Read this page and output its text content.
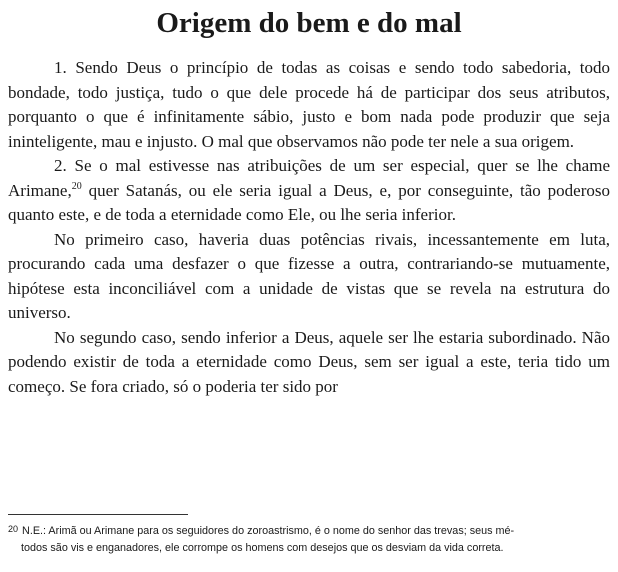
Origem do bem e do mal

1. Sendo Deus o princípio de todas as coisas e sendo todo sabedoria, todo bondade, todo justiça, tudo o que dele procede há de participar dos seus atributos, porquanto o que é infinitamente sábio, justo e bom nada pode produzir que seja ininteligente, mau e injusto. O mal que observamos não pode ter nele a sua origem.

2. Se o mal estivesse nas atribuições de um ser especial, quer se lhe chame Arimane,$^{20}$ quer Satanás, ou ele seria igual a Deus, e, por conseguinte, tão poderoso quanto este, e de toda a eternidade como Ele, ou lhe seria inferior.

No primeiro caso, haveria duas potências rivais, incessantemente em luta, procurando cada uma desfazer o que fizesse a outra, contrariando-se mutuamente, hipótese esta inconciliável com a unidade de vistas que se revela na estrutura do universo.

No segundo caso, sendo inferior a Deus, aquele ser lhe estaria subordinado. Não podendo existir de toda a eternidade como Deus, sem ser igual a este, teria tido um começo. Se fora criado, só o poderia ter sido por

$^{20}$ N.E.: Arimã ou Arimane para os seguidores do zoroastrismo, é o nome do senhor das trevas; seus mé-
todos são vis e enganadores, ele corrompe os homens com desejos que os desviam da vida correta.
